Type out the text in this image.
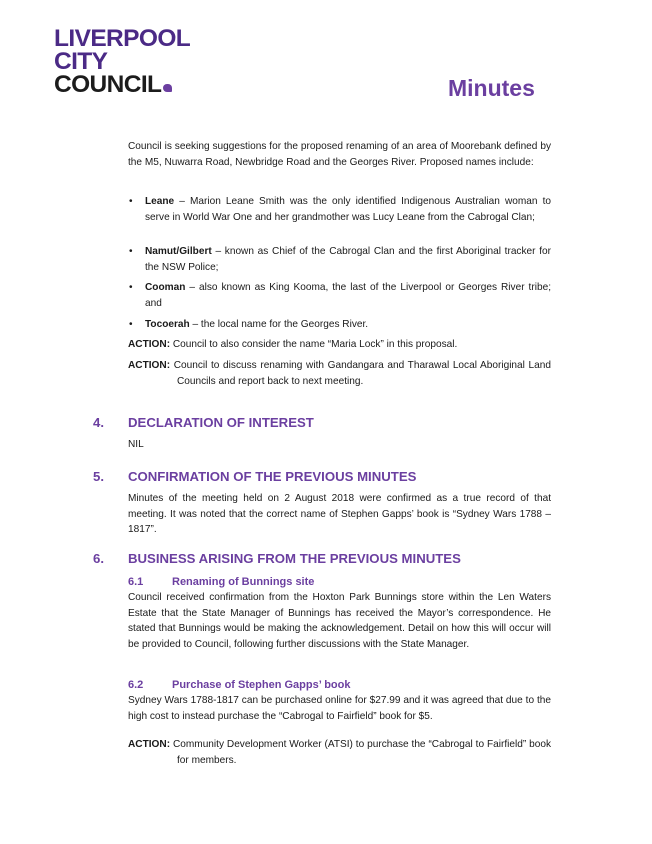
LIVERPOOL
CITY
COUNCIL	Minutes
Council is seeking suggestions for the proposed renaming of an area of Moorebank defined by the M5, Nuwarra Road, Newbridge Road and the Georges River. Proposed names include:
• Leane – Marion Leane Smith was the only identified Indigenous Australian woman to serve in World War One and her grandmother was Lucy Leane from the Cabrogal Clan;
• Namut/Gilbert – known as Chief of the Cabrogal Clan and the first Aboriginal tracker for the NSW Police;
• Cooman – also known as King Kooma, the last of the Liverpool or Georges River tribe; and
• Tocoerah – the local name for the Georges River.
ACTION: Council to also consider the name “Maria Lock” in this proposal.
ACTION: Council to discuss renaming with Gandangara and Tharawal Local Aboriginal Land Councils and report back to next meeting.
4. DECLARATION OF INTEREST
NIL
5. CONFIRMATION OF THE PREVIOUS MINUTES
Minutes of the meeting held on 2 August 2018 were confirmed as a true record of that meeting. It was noted that the correct name of Stephen Gapps’ book is “Sydney Wars 1788 – 1817”.
6. BUSINESS ARISING FROM THE PREVIOUS MINUTES
6.1	Renaming of Bunnings site
Council received confirmation from the Hoxton Park Bunnings store within the Len Waters Estate that the State Manager of Bunnings has received the Mayor’s correspondence. He stated that Bunnings would be making the acknowledgement. Detail on how this will occur will be provided to Council, following further discussions with the State Manager.
6.2	Purchase of Stephen Gapps’ book
Sydney Wars 1788-1817 can be purchased online for $27.99 and it was agreed that due to the high cost to instead purchase the “Cabrogal to Fairfield” book for $5.
ACTION: Community Development Worker (ATSI) to purchase the “Cabrogal to Fairfield” book for members.
